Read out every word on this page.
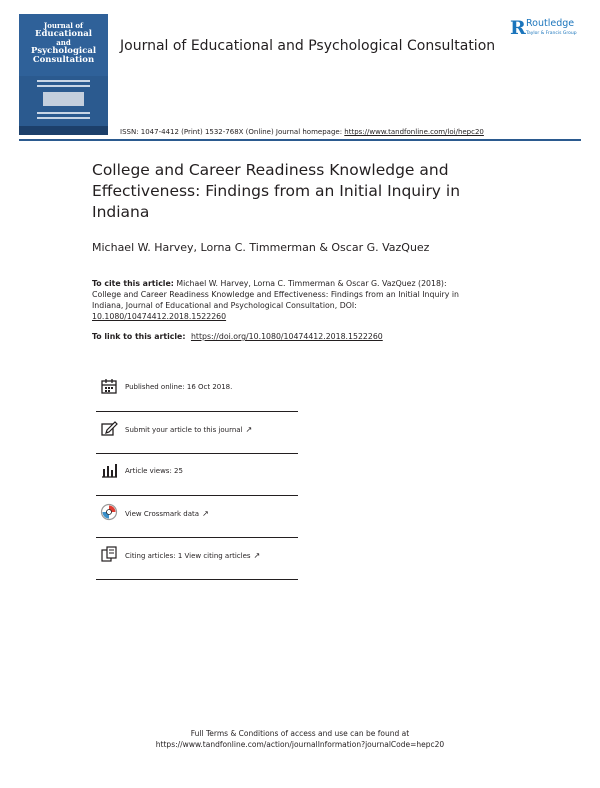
Journal of
Educational
and
Psychological
Consultation
Journal of Educational and Psychological Consultation
R Routledge
Taylor & Francis Group
ISSN: 1047-4412 (Print) 1532-768X (Online) Journal homepage: https://www.tandfonline.com/loi/hepc20
College and Career Readiness Knowledge and Effectiveness: Findings from an Initial Inquiry in Indiana
Michael W. Harvey, Lorna C. Timmerman & Oscar G. VazQuez
To cite this article: Michael W. Harvey, Lorna C. Timmerman & Oscar G. VazQuez (2018): College and Career Readiness Knowledge and Effectiveness: Findings from an Initial Inquiry in Indiana, Journal of Educational and Psychological Consultation, DOI: 10.1080/10474412.2018.1522260
To link to this article: https://doi.org/10.1080/10474412.2018.1522260
Published online: 16 Oct 2018.
Submit your article to this journal ↗
Article views: 25
View Crossmark data ↗
Citing articles: 1 View citing articles ↗
Full Terms & Conditions of access and use can be found at
https://www.tandfonline.com/action/journalInformation?journalCode=hepc20
